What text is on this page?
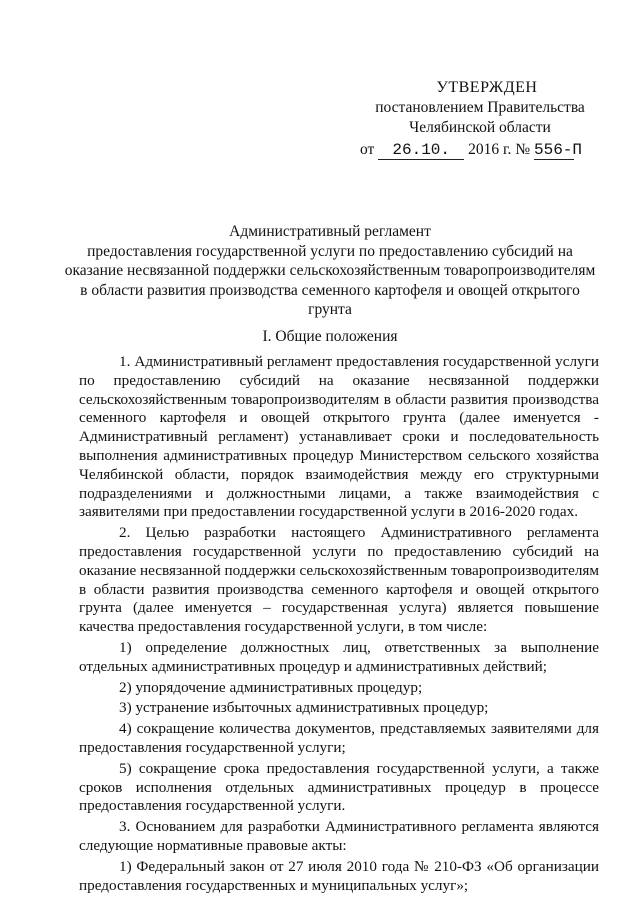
УТВЕРЖДЕН
постановлением Правительства
Челябинской области
от 26.10. 2016 г. № 556-П
Административный регламент
предоставления государственной услуги по предоставлению субсидий на
оказание несвязанной поддержки сельскохозяйственным товаропроизводителям
в области развития производства семенного картофеля и овощей открытого
грунта
I. Общие положения

1. Административный регламент предоставления государственной услуги по предоставлению субсидий на оказание несвязанной поддержки сельскохозяйственным товаропроизводителям в области развития производства семенного картофеля и овощей открытого грунта (далее именуется - Административный регламент) устанавливает сроки и последовательность выполнения административных процедур Министерством сельского хозяйства Челябинской области, порядок взаимодействия между его структурными подразделениями и должностными лицами, а также взаимодействия с заявителями при предоставлении государственной услуги в 2016-2020 годах.

2. Целью разработки настоящего Административного регламента предоставления государственной услуги по предоставлению субсидий на оказание несвязанной поддержки сельскохозяйственным товаропроизводителям в области развития производства семенного картофеля и овощей открытого грунта (далее именуется – государственная услуга) является повышение качества предоставления государственной услуги, в том числе:

1) определение должностных лиц, ответственных за выполнение отдельных административных процедур и административных действий;

2) упорядочение административных процедур;

3) устранение избыточных административных процедур;

4) сокращение количества документов, представляемых заявителями для предоставления государственной услуги;

5) сокращение срока предоставления государственной услуги, а также сроков исполнения отдельных административных процедур в процессе предоставления государственной услуги.

3. Основанием для разработки Административного регламента являются следующие нормативные правовые акты:

1) Федеральный закон от 27 июля 2010 года № 210-ФЗ «Об организации предоставления государственных и муниципальных услуг»;
